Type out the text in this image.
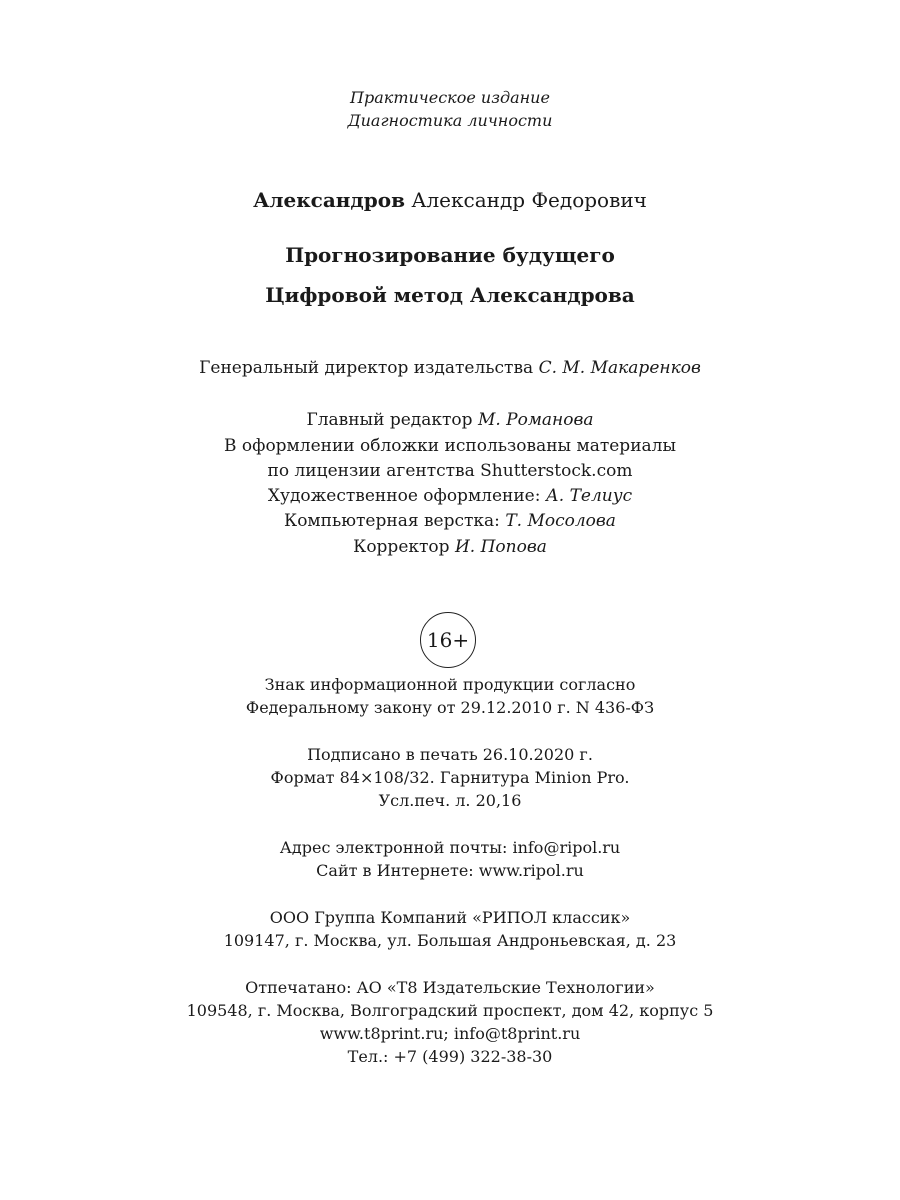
Практическое издание
Диагностика личности
Александров Александр Федорович
Прогнозирование будущего
Цифровой метод Александрова
Генеральный директор издательства С. М. Макаренков
Главный редактор М. Романова
В оформлении обложки использованы материалы
по лицензии агентства Shutterstock.com
Художественное оформление: А. Телиус
Компьютерная верстка: Т. Мосолова
Корректор И. Попова
16+
Знак информационной продукции согласно
Федеральному закону от 29.12.2010 г. N 436-ФЗ
Подписано в печать 26.10.2020 г.
Формат 84×108/32. Гарнитура Minion Pro.
Усл.печ. л. 20,16
Адрес электронной почты: info@ripol.ru
Сайт в Интернете: www.ripol.ru
ООО Группа Компаний «РИПОЛ классик»
109147, г. Москва, ул. Большая Андроньевская, д. 23
Отпечатано: АО «Т8 Издательские Технологии»
109548, г. Москва, Волгоградский проспект, дом 42, корпус 5
www.t8print.ru; info@t8print.ru
Тел.: +7 (499) 322-38-30
